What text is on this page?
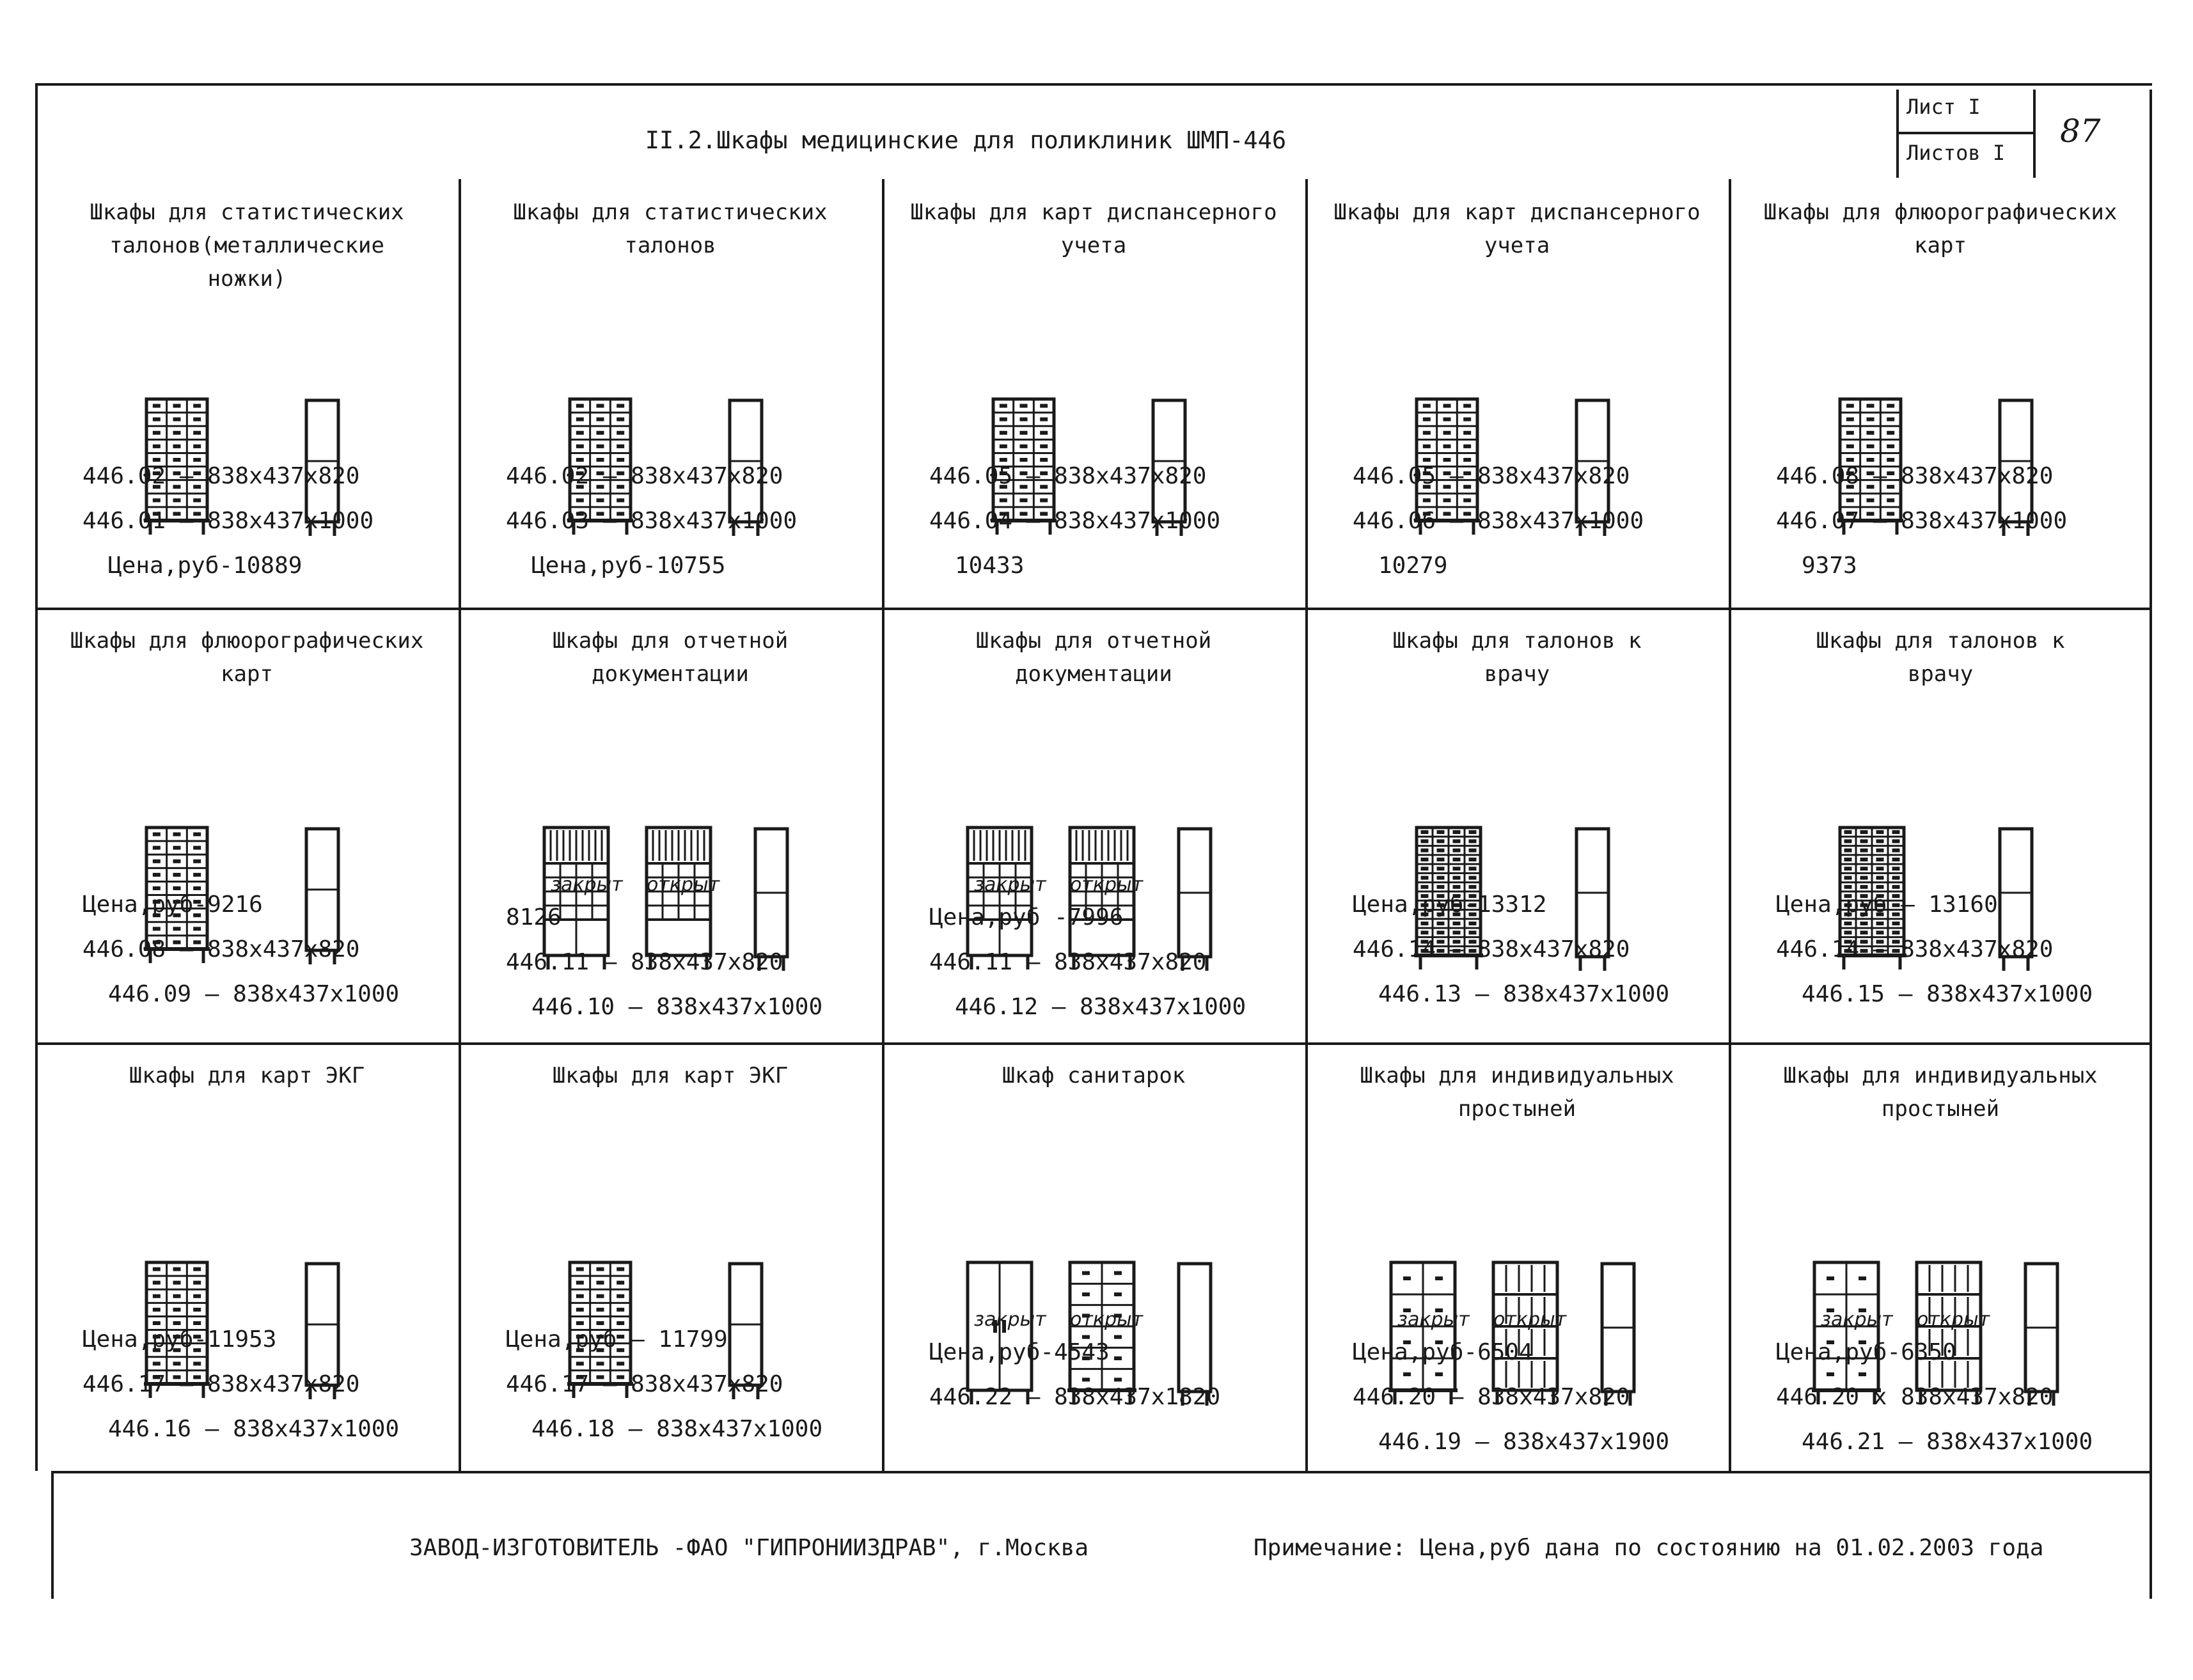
II.2.Шкафы медицинские для поликлиник ШМП-446
Лист I
Листов I
87
Шкафы для статистических
талонов(металлические
ножки)
446.02 – 838х437х820
446.01 – 838х437х1000
Цена,руб-10889
Шкафы для статистических
талонов
446.02 – 838х437х820
446.03 – 838х437х1000
Цена,руб-10755
Шкафы для карт диспансерного
учета
446.05 – 838х437х820
446.04 – 838х437х1000
10433
Шкафы для карт диспансерного
учета
446.05 – 838х437х820
446.06 – 838х437х1000
10279
Шкафы для флюорографических
карт
446.08 – 838х437х820
446.07 – 838х437х1000
9373
Шкафы для флюорографических
карт
Цена,руб-9216
446.08 – 838х437х820
446.09 – 838х437х1000
Шкафы для отчетной
документации
закрыт открыт
8126
446.11 – 838х437х820
446.10 – 838х437х1000
Шкафы для отчетной
документации
закрыт открыт
Цена,руб -7996
446.11 – 838х437х820
446.12 – 838х437х1000
Шкафы для талонов к
врачу
Цена,руб-13312
446.14 – 838х437х820
446.13 – 838х437х1000
Шкафы для талонов к
врачу
Цена,руб – 13160
446.14 – 838х437х820
446.15 – 838х437х1000
Шкафы для карт ЭКГ
Цена,руб-11953
446.17 – 838х437х820
446.16 – 838х437х1000
Шкафы для карт ЭКГ
Цена,руб – 11799
446.17 – 838х437х820
446.18 – 838х437х1000
Шкаф санитарок
закрыт открыт
Цена,руб-4543
446.22 – 838х437х1820
Шкафы для индивидуальных
простыней
закрыт открыт
Цена,руб-6504
446.20 – 838х437х820
446.19 – 838х437х1900
Шкафы для индивидуальных
простыней
закрыт открыт
Цена,руб-6350
446.20 х 838х437х820
446.21 – 838х437х1000
ЗАВОД-ИЗГОТОВИТЕЛЬ -ФАО "ГИПРОНИИЗДРАВ", г.Москва	Примечание: Цена,руб дана по состоянию на 01.02.2003 года
